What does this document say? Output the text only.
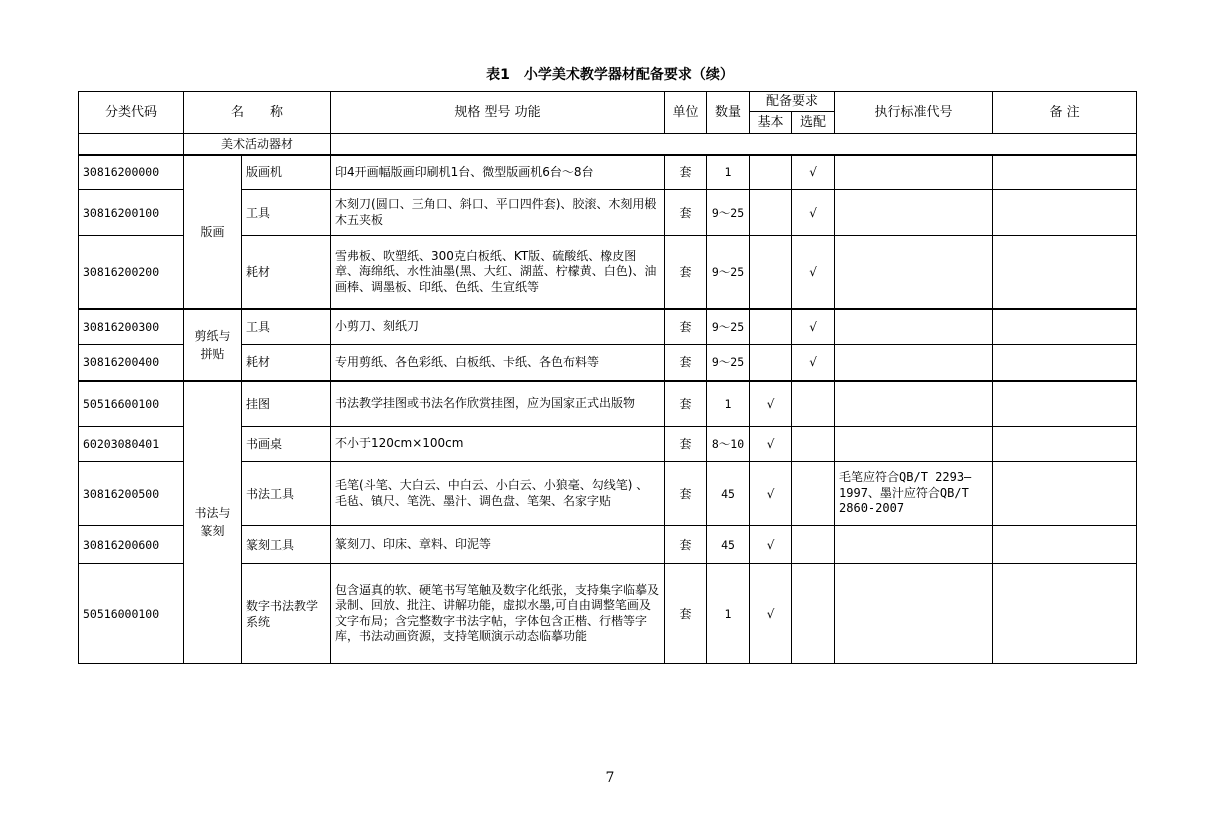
表1　小学美术教学器材配备要求（续）
分类代码	名　　称		规格 型号 功能	单位	数量	配备要求		执行标准代号	备 注
						基本	选配		
	美术活动器材								
30816200000	版画	版画机	印4开画幅版画印刷机1台、微型版画机6台～8台	套	1		√		
30816200100		工具	木刻刀(圆口、三角口、斜口、平口四件套)、胶滚、木刻用椴木五夹板	套	9～25		√		
30816200200		耗材	雪弗板、吹塑纸、300克白板纸、KT版、硫酸纸、橡皮图章、海绵纸、水性油墨(黑、大红、湖蓝、柠檬黄、白色)、油画棒、调墨板、印纸、色纸、生宣纸等	套	9～25		√		
30816200300	剪纸与拼贴	工具	小剪刀、刻纸刀	套	9～25		√		
30816200400		耗材	专用剪纸、各色彩纸、白板纸、卡纸、各色布料等	套	9～25		√		
50516600100	书法与篆刻	挂图	书法教学挂图或书法名作欣赏挂图，应为国家正式出版物	套	1	√			
60203080401		书画桌	不小于120cm×100cm	套	8～10	√			
30816200500		书法工具	毛笔(斗笔、大白云、中白云、小白云、小狼毫、勾线笔) 、毛毡、镇尺、笔洗、墨汁、调色盘、笔架、名家字贴	套	45	√		毛笔应符合QB/T 2293—1997、墨汁应符合QB/T 2860-2007	
30816200600		篆刻工具	篆刻刀、印床、章料、印泥等	套	45	√			
50516000100		数字书法教学系统	包含逼真的软、硬笔书写笔触及数字化纸张，支持集字临摹及录制、回放、批注、讲解功能，虚拟水墨,可自由调整笔画及文字布局；含完整数字书法字帖，字体包含正楷、行楷等字库，书法动画资源，支持笔顺演示动态临摹功能	套	1	√			
7
